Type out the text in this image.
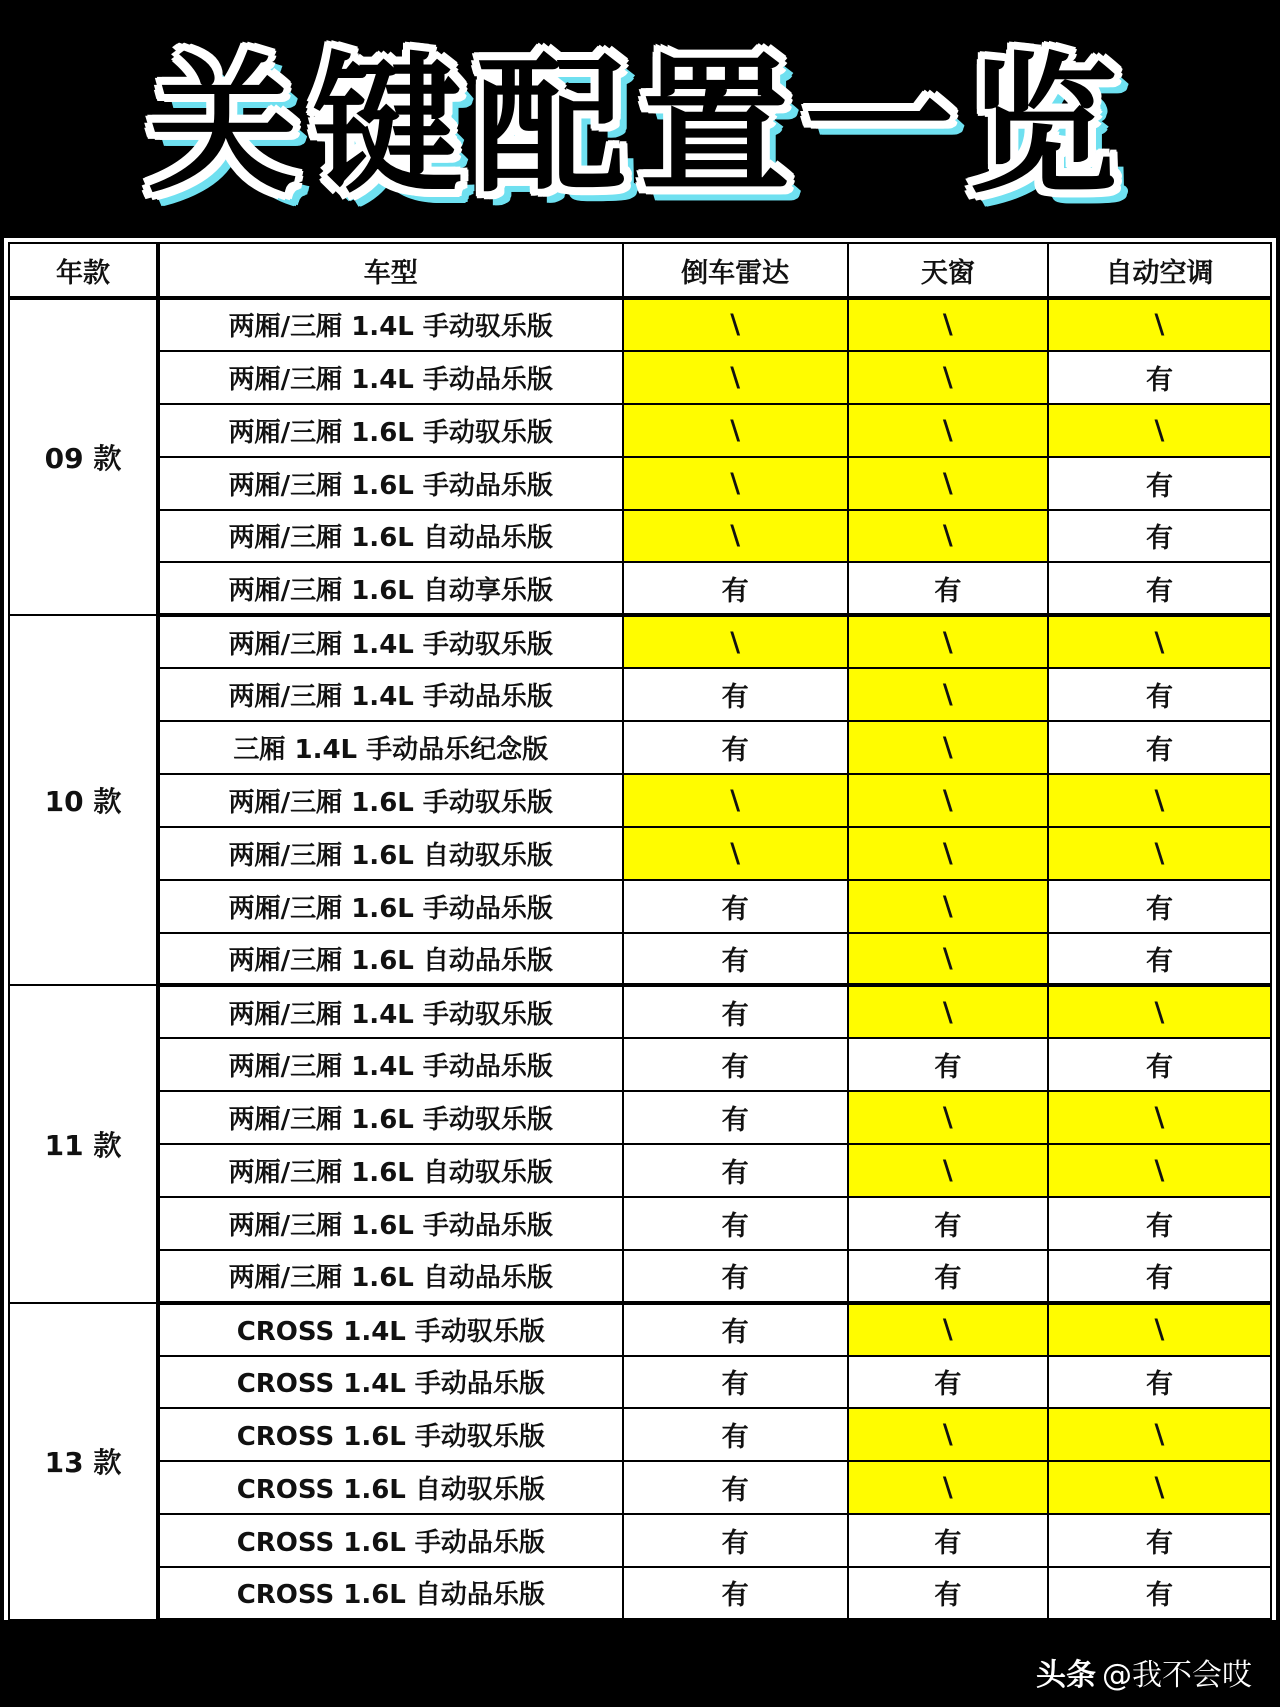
关键配置一览
年款	车型	倒车雷达	天窗	自动空调
09 款	两厢/三厢 1.4L 手动驭乐版	\	\	\
	两厢/三厢 1.4L 手动品乐版	\	\	有
	两厢/三厢 1.6L 手动驭乐版	\	\	\
	两厢/三厢 1.6L 手动品乐版	\	\	有
	两厢/三厢 1.6L 自动品乐版	\	\	有
	两厢/三厢 1.6L 自动享乐版	有	有	有
10 款	两厢/三厢 1.4L 手动驭乐版	\	\	\
	两厢/三厢 1.4L 手动品乐版	有	\	有
	三厢 1.4L 手动品乐纪念版	有	\	有
	两厢/三厢 1.6L 手动驭乐版	\	\	\
	两厢/三厢 1.6L 自动驭乐版	\	\	\
	两厢/三厢 1.6L 手动品乐版	有	\	有
	两厢/三厢 1.6L 自动品乐版	有	\	有
11 款	两厢/三厢 1.4L 手动驭乐版	有	\	\
	两厢/三厢 1.4L 手动品乐版	有	有	有
	两厢/三厢 1.6L 手动驭乐版	有	\	\
	两厢/三厢 1.6L 自动驭乐版	有	\	\
	两厢/三厢 1.6L 手动品乐版	有	有	有
	两厢/三厢 1.6L 自动品乐版	有	有	有
13 款	CROSS 1.4L 手动驭乐版	有	\	\
	CROSS 1.4L 手动品乐版	有	有	有
	CROSS 1.6L 手动驭乐版	有	\	\
	CROSS 1.6L 自动驭乐版	有	\	\
	CROSS 1.6L 手动品乐版	有	有	有
	CROSS 1.6L 自动品乐版	有	有	有
头条 @我不会哎
